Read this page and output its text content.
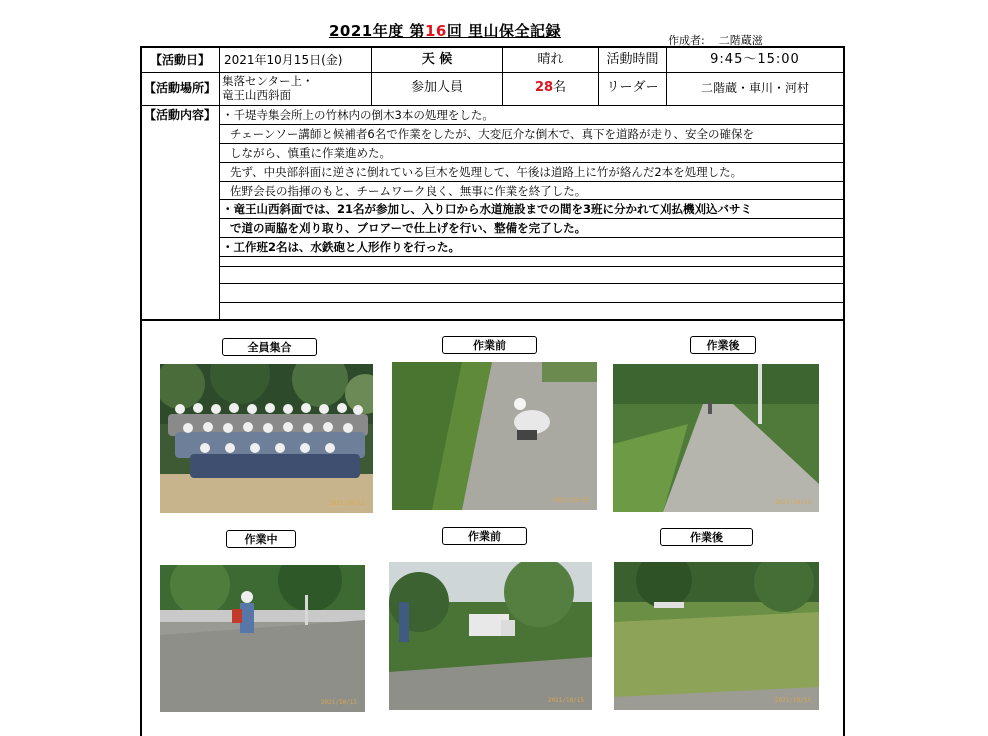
2021年度 第16回 里山保全記録
作成者: 二階蔵滋
【活動日】	2021年10月15日(金)	天 候	晴れ	活動時間	9:45～15:00
【活動場所】 集落センター上・
竜王山西斜面	参加人員	28 名	リーダー	二階蔵・車川・河村
【活動内容】 ・千堤寺集会所上の竹林内の倒木3本の処理をした。
チェーンソー講師と候補者6名で作業をしたが、大変厄介な倒木で、真下を道路が走り、安全の確保を
しながら、慎重に作業進めた。
先ず、中央部斜面に逆さに倒れている巨木を処理して、午後は道路上に竹が絡んだ2本を処理した。
佐野会長の指揮のもと、チームワーク良く、無事に作業を終了した。
・竜王山西斜面では、21名が参加し、入り口から水道施設までの間を3班に分かれて刈払機刈込バサミ
で道の両脇を刈り取り、ブロアーで仕上げを行い、整備を完了した。
・工作班2名は、水鉄砲と人形作りを行った。
全員集合	作業前	作業後
作業中	作業前	作業後
2021/10/15	2021/10/15	2021/10/15
2021/10/15	2021/10/15	2021/10/15
